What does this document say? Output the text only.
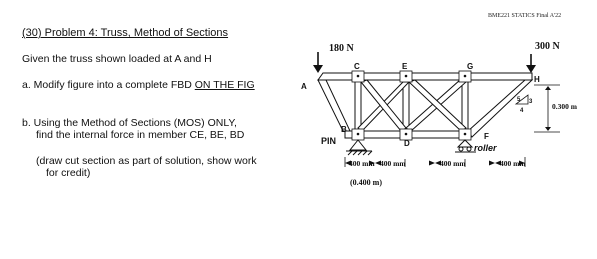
BME221 STATICS Final A'22
(30) Problem 4: Truss, Method of Sections
Given the truss shown loaded at A and H
a. Modify figure into a complete FBD ON THE FIG
b. Using the Method of Sections (MOS) ONLY,
find the internal force in member CE, BE, BD
(draw cut section as part of solution, show work
for credit)
180 N	300 N
A
B
C
D
E
F
G
H
PIN
roller
5 3
4	0.300 m
400 mm 400 mm	400 mm	400 mm
(0.400 m)
